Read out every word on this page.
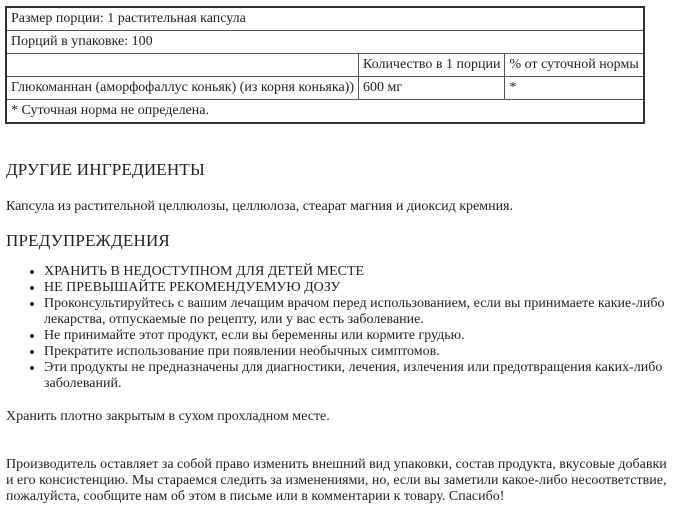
Размер порции: 1 растительная капсула		
Порций в упаковке: 100		
	Количество в 1 порции	% от суточной нормы
Глюкоманнан (аморфофаллус коньяк) (из корня коньяка))	600 мг	*
* Суточная норма не определена.		
ДРУГИЕ ИНГРЕДИЕНТЫ

Капсула из растительной целлюлозы, целлюлоза, стеарат магния и диоксид кремния.

ПРЕДУПРЕЖДЕНИЯ
• ХРАНИТЬ В НЕДОСТУПНОМ ДЛЯ ДЕТЕЙ МЕСТЕ
• НЕ ПРЕВЫШАЙТЕ РЕКОМЕНДУЕМУЮ ДОЗУ
• Проконсультируйтесь с вашим лечащим врачом перед использованием, если вы принимаете какие-либо лекарства, отпускаемые по рецепту, или у вас есть заболевание.
• Не принимайте этот продукт, если вы беременны или кормите грудью.
• Прекратите использование при появлении необычных симптомов.
• Эти продукты не предназначены для диагностики, лечения, излечения или предотвращения каких-либо заболеваний.

Хранить плотно закрытым в сухом прохладном месте.

Производитель оставляет за собой право изменить внешний вид упаковки, состав продукта, вкусовые добавки и его консистенцию. Мы стараемся следить за изменениями, но, если вы заметили какое-либо несоответствие, пожалуйста, сообщите нам об этом в письме или в комментарии к товару. Спасибо!
